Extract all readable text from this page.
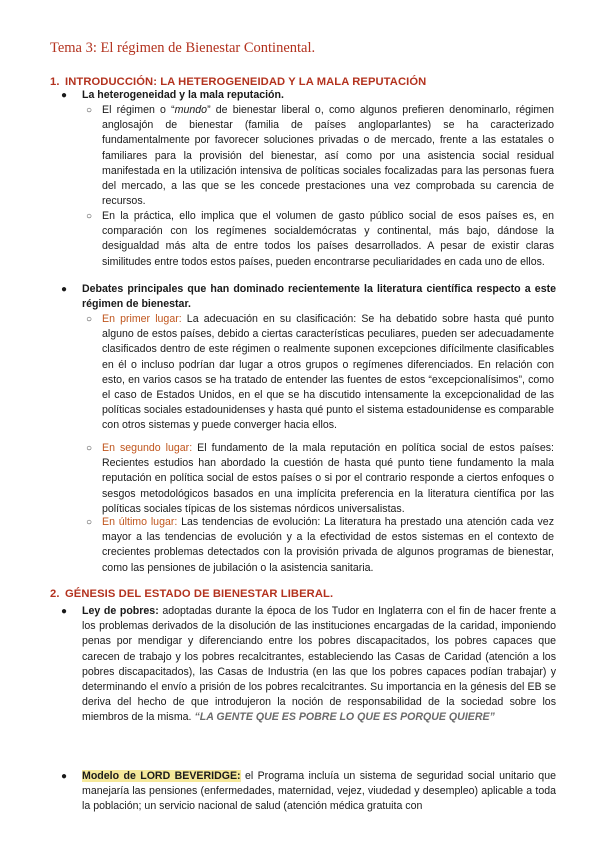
Tema 3: El régimen de Bienestar Continental.
1. INTRODUCCIÓN: LA HETEROGENEIDAD Y LA MALA REPUTACIÓN
●	La heterogeneidad y la mala reputación.
○ El régimen o “mundo” de bienestar liberal o, como algunos prefieren denominarlo, régimen anglosajón de bienestar (familia de países angloparlantes) se ha caracterizado fundamentalmente por favorecer soluciones privadas o de mercado, frente a las estatales o familiares para la provisión del bienestar, así como por una asistencia social residual manifestada en la utilización intensiva de políticas sociales focalizadas para las personas fuera del mercado, a las que se les concede prestaciones una vez comprobada su carencia de recursos.
○ En la práctica, ello implica que el volumen de gasto público social de esos países es, en comparación con los regímenes socialdemócratas y continental, más bajo, dándose la desigualdad más alta de entre todos los países desarrollados. A pesar de existir claras similitudes entre todos estos países, pueden encontrarse peculiaridades en cada uno de ellos.
●	Debates principales que han dominado recientemente la literatura científica respecto a este régimen de bienestar.
○ En primer lugar: La adecuación en su clasificación: Se ha debatido sobre hasta qué punto alguno de estos países, debido a ciertas características peculiares, pueden ser adecuadamente clasificados dentro de este régimen o realmente suponen excepciones difícilmente clasificables en él o incluso podrían dar lugar a otros grupos o regímenes diferenciados. En relación con esto, en varios casos se ha tratado de entender las fuentes de estos “excepcionalísimos”, como el caso de Estados Unidos, en el que se ha discutido intensamente la excepcionalidad de las políticas sociales estadounidenses y hasta qué punto el sistema estadounidense es comparable con otros sistemas y puede converger hacia ellos.
○ En segundo lugar: El fundamento de la mala reputación en política social de estos países: Recientes estudios han abordado la cuestión de hasta qué punto tiene fundamento la mala reputación en política social de estos países o si por el contrario responde a ciertos enfoques o sesgos metodológicos basados en una implícita preferencia en la literatura científica por las políticas sociales típicas de los sistemas nórdicos universalistas.
○ En último lugar: Las tendencias de evolución: La literatura ha prestado una atención cada vez mayor a las tendencias de evolución y a la efectividad de estos sistemas en el contexto de crecientes problemas detectados con la provisión privada de algunos programas de bienestar, como las pensiones de jubilación o la asistencia sanitaria.
2. GÉNESIS DEL ESTADO DE BIENESTAR LIBERAL.
●	Ley de pobres: adoptadas durante la época de los Tudor en Inglaterra con el fin de hacer frente a los problemas derivados de la disolución de las instituciones encargadas de la caridad, imponiendo penas por mendigar y diferenciando entre los pobres discapacitados, los pobres capaces que carecen de trabajo y los pobres recalcitrantes, estableciendo las Casas de Caridad (atención a los pobres discapacitados), las Casas de Industria (en las que los pobres capaces podían trabajar) y determinando el envío a prisión de los pobres recalcitrantes. Su importancia en la génesis del EB se deriva del hecho de que introdujeron la noción de responsabilidad de la sociedad sobre los miembros de la misma. “LA GENTE QUE ES POBRE LO QUE ES PORQUE QUIERE”
●	Modelo de LORD BEVERIDGE: el Programa incluía un sistema de seguridad social unitario que manejaría las pensiones (enfermedades, maternidad, vejez, viudedad y desempleo) aplicable a toda la población; un servicio nacional de salud (atención médica gratuita con
